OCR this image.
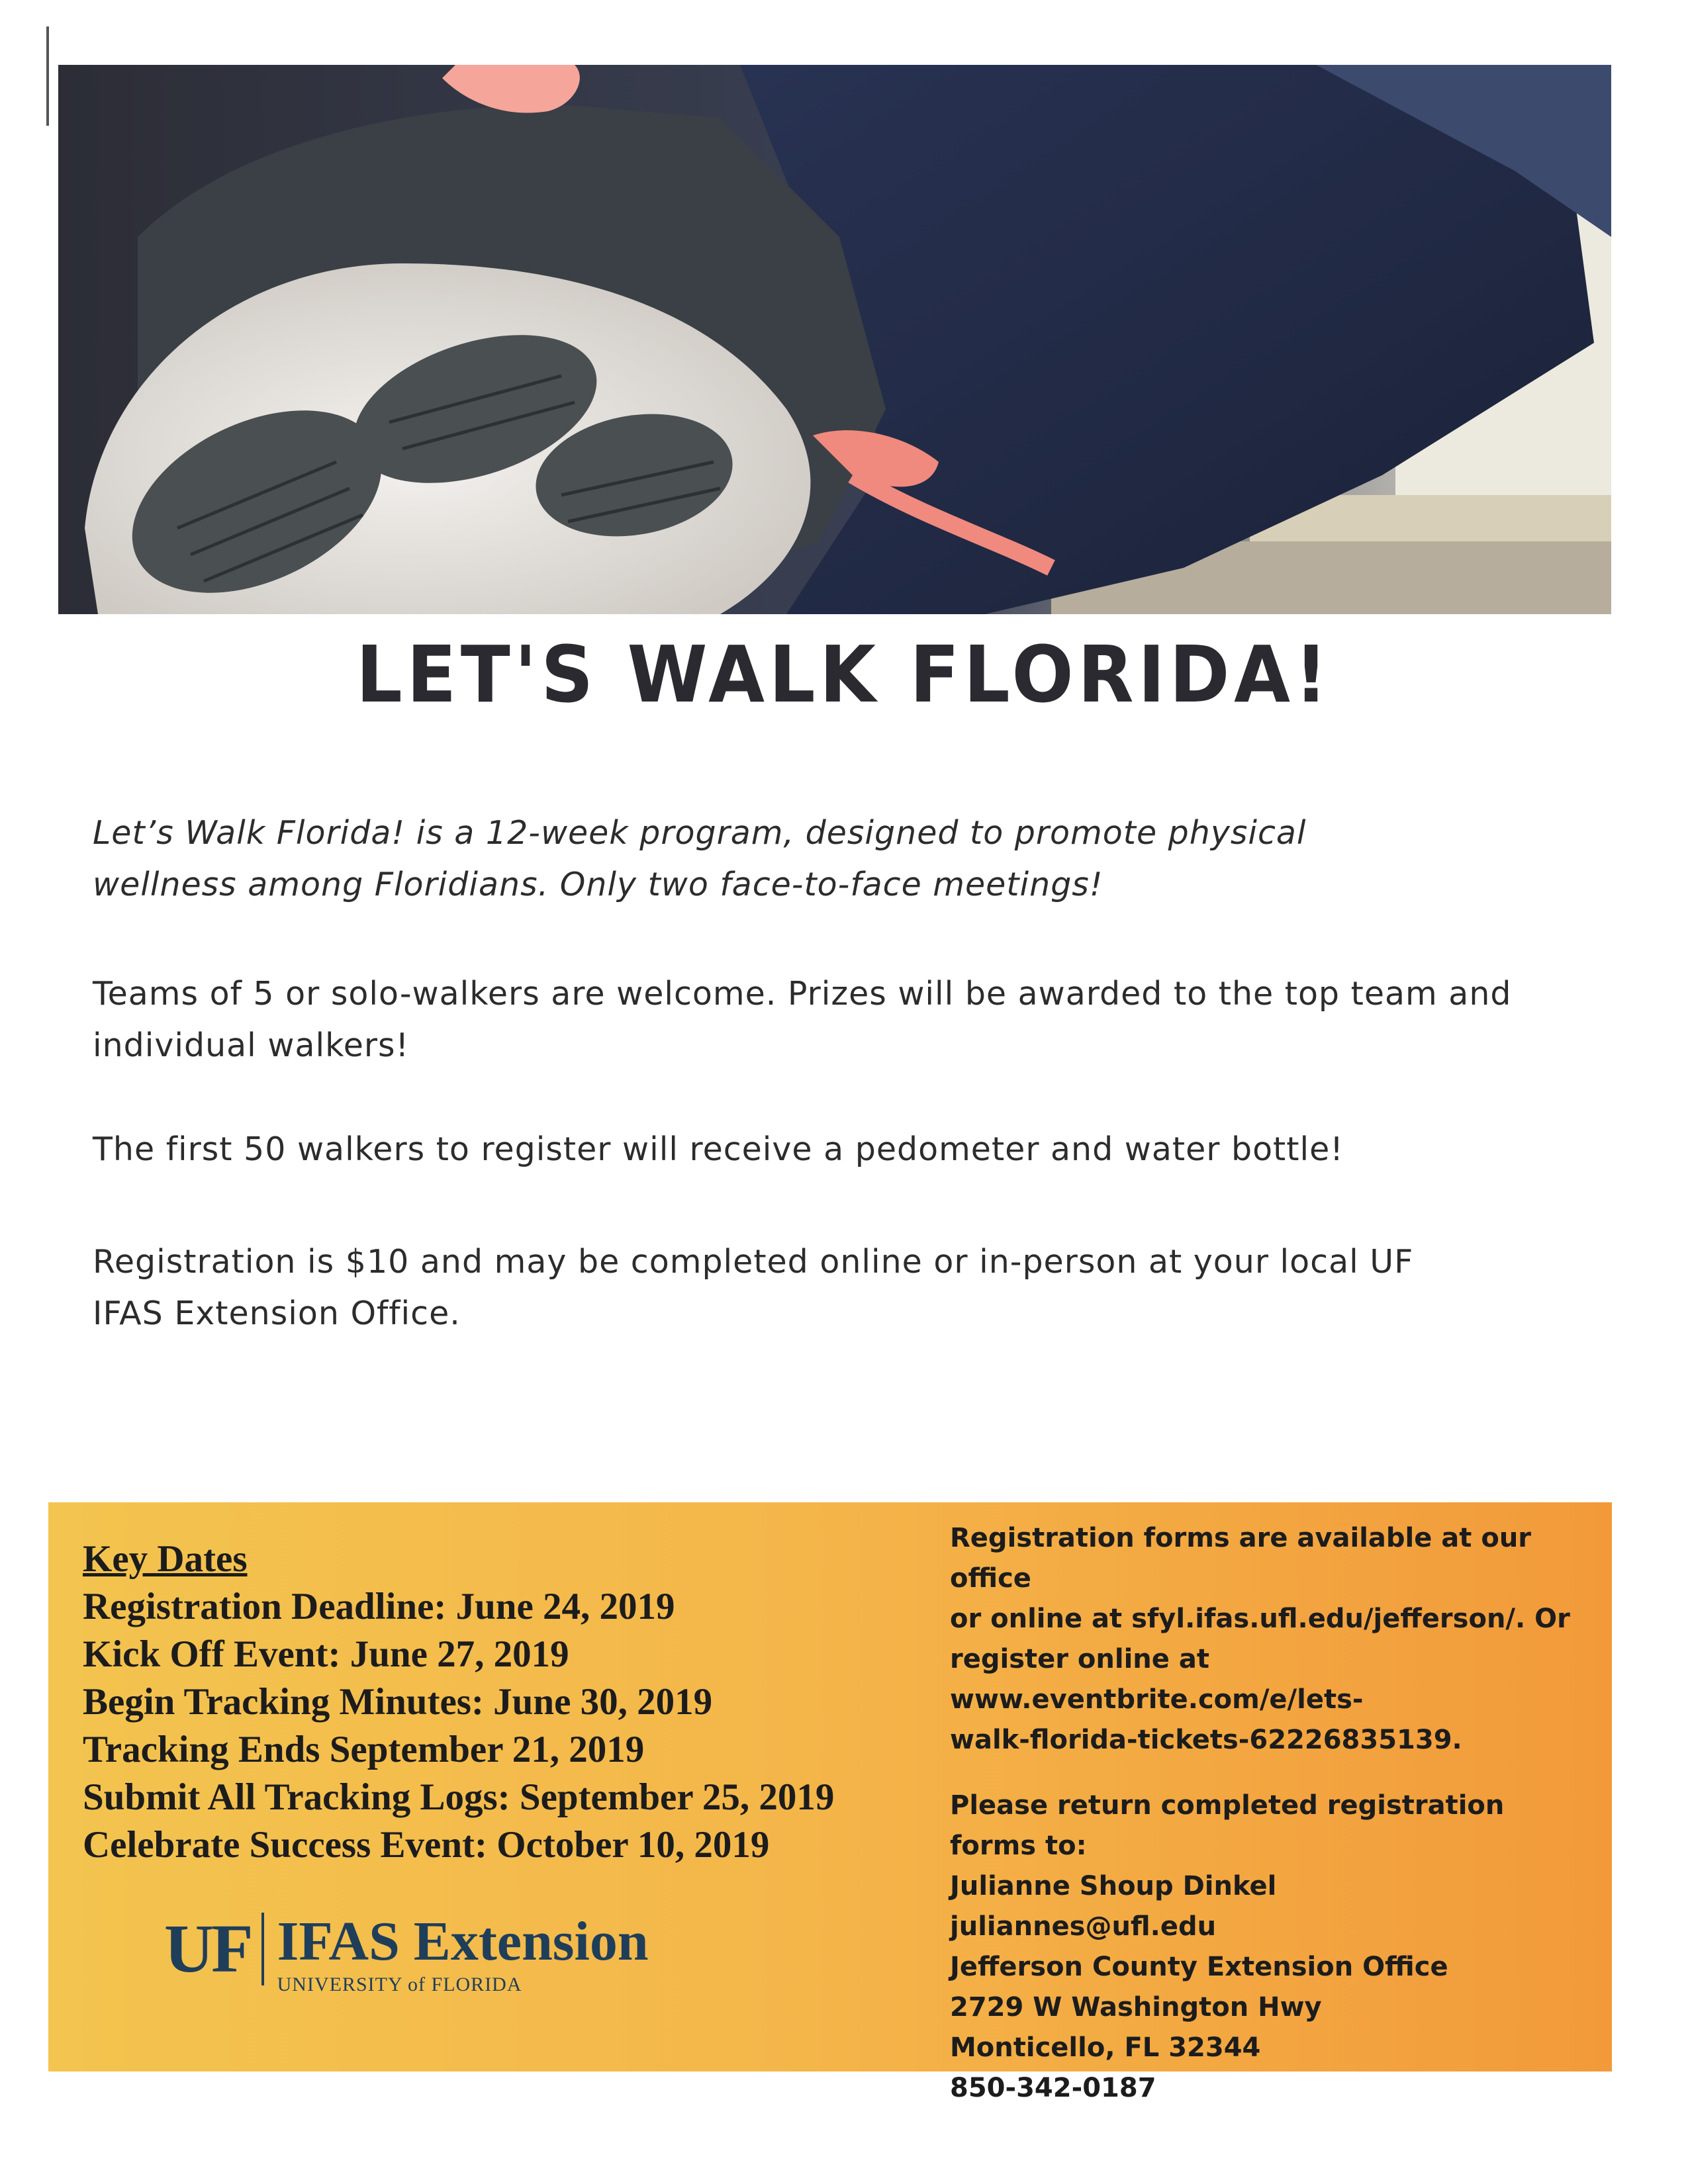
LET'S WALK FLORIDA!

Let’s Walk Florida! is a 12-week program, designed to promote physical wellness among Floridians. Only two face-to-face meetings!

Teams of 5 or solo-walkers are welcome. Prizes will be awarded to the top team and individual walkers!

The first 50 walkers to register will receive a pedometer and water bottle!

Registration is $10 and may be completed online or in-person at your local UF IFAS Extension Office.

Key Dates
Registration Deadline: June 24, 2019
Kick Off Event: June 27, 2019
Begin Tracking Minutes: June 30, 2019
Tracking Ends September 21, 2019
Submit All Tracking Logs: September 25, 2019
Celebrate Success Event: October 10, 2019
UF IFAS Extension
UNIVERSITY of FLORIDA
Registration forms are available at our office
or online at sfyl.ifas.ufl.edu/jefferson/. Or
register online at www.eventbrite.com/e/lets-
walk-florida-tickets-62226835139.
Please return completed registration forms to:
Julianne Shoup Dinkel
juliannes@ufl.edu
Jefferson County Extension Office
2729 W Washington Hwy
Monticello, FL 32344
850-342-0187
